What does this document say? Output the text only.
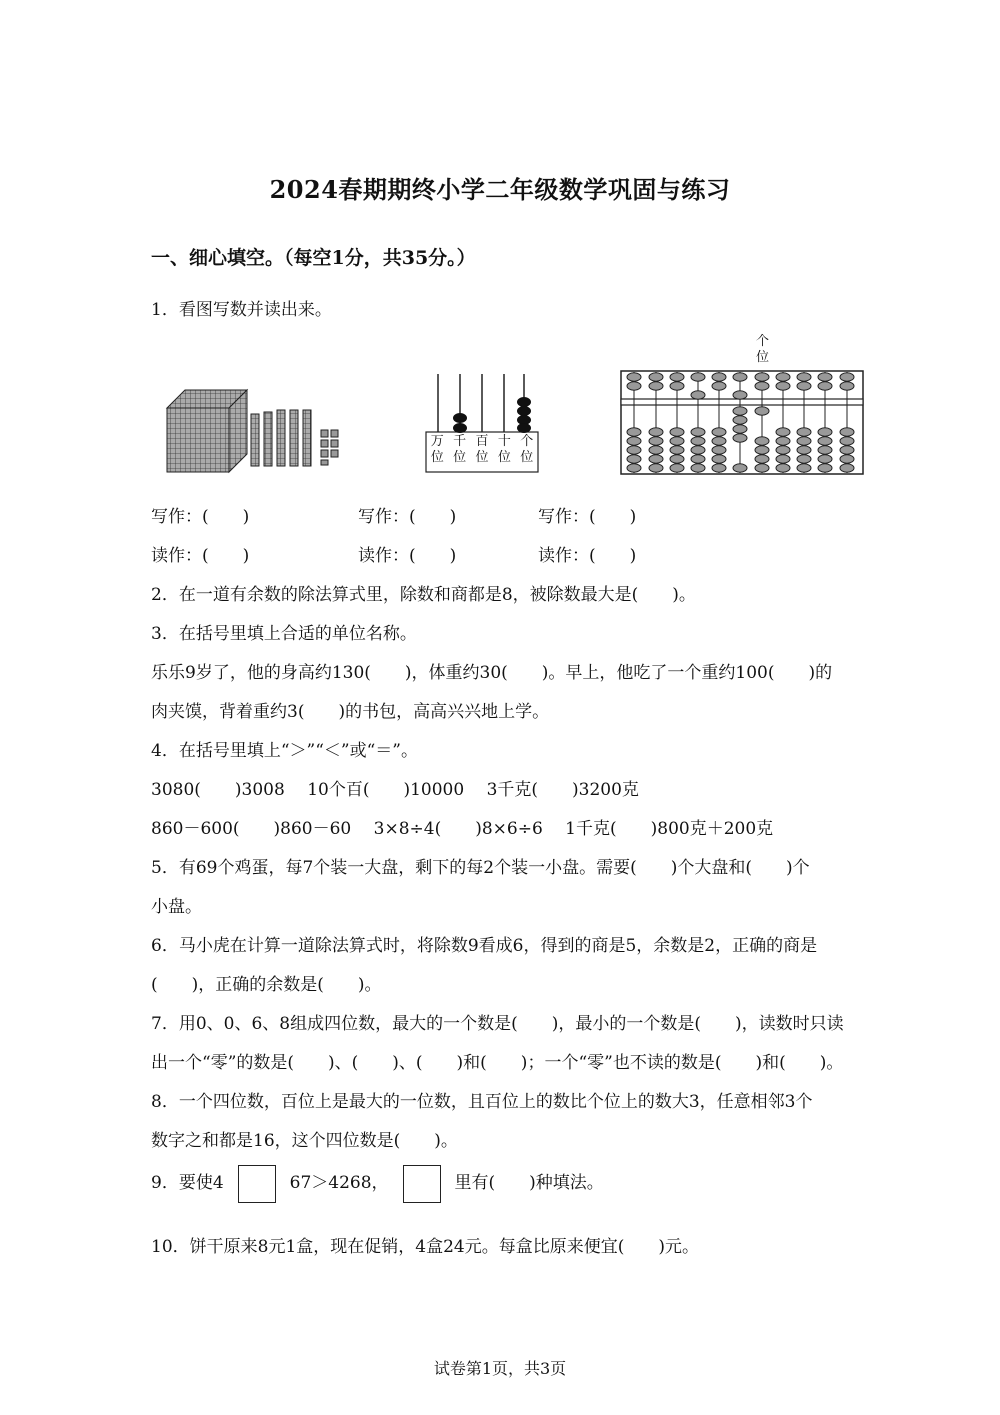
2024春期期终小学二年级数学巩固与练习
一、细心填空。（每空1分，共35分。）
1．看图写数并读出来。
万
位
千
位
百
位
十
位
个
位
个
位
写作：(　　)	写作：(　　)	写作：(　　)
读作：(　　)	读作：(　　)	读作：(　　)
2．在一道有余数的除法算式里，除数和商都是8，被除数最大是(　　)。
3．在括号里填上合适的单位名称。
乐乐9岁了，他的身高约130(　　)，体重约30(　　)。早上，他吃了一个重约100(　　)的
肉夹馍，背着重约3(　　)的书包，高高兴兴地上学。
4．在括号里填上“＞”“＜”或“＝”。
3080(　　)3008　 10个百(　　)10000　 3千克(　　)3200克
860－600(　　)860－60　 3×8÷4(　　)8×6÷6　 1千克(　　)800克＋200克
5．有69个鸡蛋，每7个装一大盘，剩下的每2个装一小盘。需要(　　)个大盘和(　　)个
小盘。
6．马小虎在计算一道除法算式时，将除数9看成6，得到的商是5，余数是2，正确的商是
(　　)，正确的余数是(　　)。
7．用0、0、6、8组成四位数，最大的一个数是(　　)，最小的一个数是(　　)，读数时只读
出一个“零”的数是(　　)、(　　)、(　　)和(　　)；一个“零”也不读的数是(　　)和(　　)。
8．一个四位数，百位上是最大的一位数，且百位上的数比个位上的数大3，任意相邻3个
数字之和都是16，这个四位数是(　　)。
9．要使4	67＞4268，	里有(　　)种填法。
10．饼干原来8元1盒，现在促销，4盒24元。每盒比原来便宜(　　)元。
试卷第1页，共3页
